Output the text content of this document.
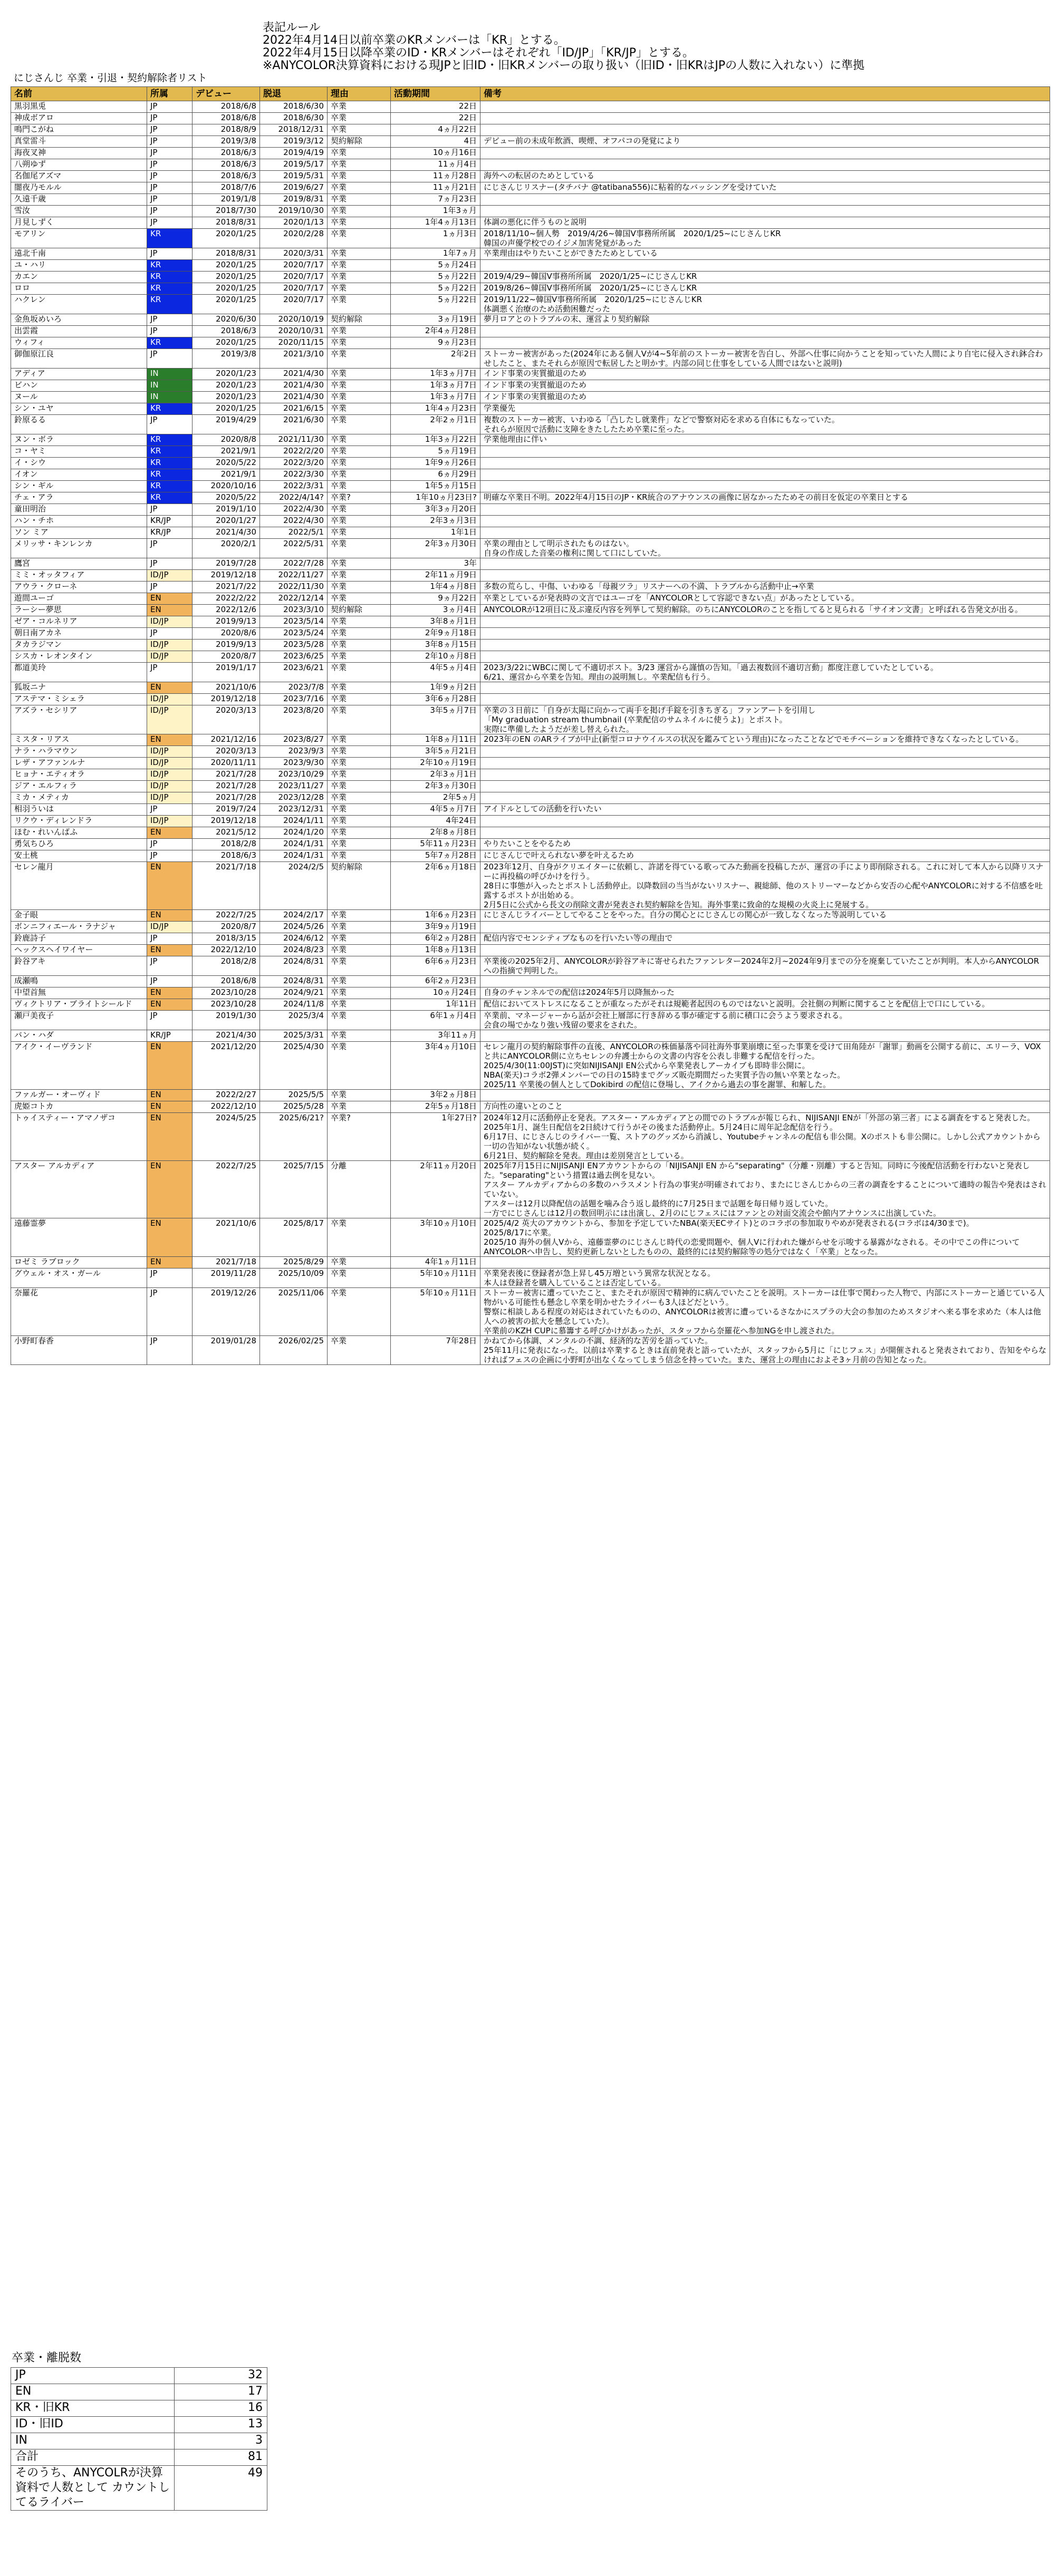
表記ルール
2022年4月14日以前卒業のKRメンバーは「KR」とする。
2022年4月15日以降卒業のID・KRメンバーはそれぞれ「ID/JP」「KR/JP」とする。
※ANYCOLOR決算資料における現JPと旧ID・旧KRメンバーの取り扱い（旧ID・旧KRはJPの人数に入れない）に準拠
にじさんじ 卒業・引退・契約解除者リスト
名前	所属	デビュー	脱退	理由	活動期間	備考
黒羽黒兎	JP	2018/6/8	2018/6/30	卒業	22日	
神成ボアロ	JP	2018/6/8	2018/6/30	卒業	22日	
鳴門こがね	JP	2018/8/9	2018/12/31	卒業	4ヵ月22日	
真堂雷斗	JP	2019/3/8	2019/3/12	契約解除	4日	デビュー前の未成年飲酒、喫煙、オフパコの発覚により
海夜叉神	JP	2018/6/3	2019/4/19	卒業	10ヵ月16日	
八朔ゆず	JP	2018/6/3	2019/5/17	卒業	11ヵ月4日	
名伽尾アズマ	JP	2018/6/3	2019/5/31	卒業	11ヵ月28日	海外への転居のためとしている
闇夜乃モルル	JP	2018/7/6	2019/6/27	卒業	11ヵ月21日	にじさんじリスナー(タチバナ @tatibana556)に粘着的なバッシングを受けていた
久遠千歳	JP	2019/1/8	2019/8/31	卒業	7ヵ月23日	
雪汝	JP	2018/7/30	2019/10/30	卒業	1年3ヵ月	
月見しずく	JP	2018/8/31	2020/1/13	卒業	1年4ヵ月13日	体調の悪化に伴うものと説明
モアリン	KR	2020/1/25	2020/2/28	卒業	1ヵ月3日	2018/11/10~個人勢　2019/4/26~韓国V事務所所属　2020/1/25~にじさんじKR
韓国の声優学校でのイジメ加害発覚があった
遠北千南	JP	2018/8/31	2020/3/31	卒業	1年7ヵ月	卒業理由はやりたいことができたためとしている
ユ・ハリ	KR	2020/1/25	2020/7/17	卒業	5ヵ月24日	
カエン	KR	2020/1/25	2020/7/17	卒業	5ヵ月22日	2019/4/29~韓国V事務所所属　2020/1/25~にじさんじKR
ロロ	KR	2020/1/25	2020/7/17	卒業	5ヵ月22日	2019/8/26~韓国V事務所所属　2020/1/25~にじさんじKR
ハクレン	KR	2020/1/25	2020/7/17	卒業	5ヵ月22日	2019/11/22~韓国V事務所所属　2020/1/25~にじさんじKR
体調悪く治療のため活動困難だった
金魚坂めいろ	JP	2020/6/30	2020/10/19	契約解除	3ヵ月19日	夢月ロアとのトラブルの末、運営より契約解除
出雲霞	JP	2018/6/3	2020/10/31	卒業	2年4ヵ月28日	
ウィフィ	KR	2020/1/25	2020/11/15	卒業	9ヵ月23日	
御伽原江良	JP	2019/3/8	2021/3/10	卒業	2年2日	ストーカー被害があった(2024年にある個人Vが4~5年前のストーカー被害を告白し、外部へ仕事に向かうことを知っていた人間により自宅に侵入され鉢合わせしたこと、またそれらが原因で転居したと明かす。内部の同じ仕事をしている人間ではないと説明)
アディア	IN	2020/1/23	2021/4/30	卒業	1年3ヵ月7日	インド事業の実質撤退のため
ビハン	IN	2020/1/23	2021/4/30	卒業	1年3ヵ月7日	インド事業の実質撤退のため
ヌール	IN	2020/1/23	2021/4/30	卒業	1年3ヵ月7日	インド事業の実質撤退のため
シン・ユヤ	KR	2020/1/25	2021/6/15	卒業	1年4ヵ月23日	学業優先
鈴原るる	JP	2019/4/29	2021/6/30	卒業	2年2ヵ月1日	複数のストーカー被害、いわゆる「凸したし就業件」などで警察対応を求める自体にもなっていた。
それらが原因で活動に支障をきたしたため卒業に至った。
ヌン・ボラ	KR	2020/8/8	2021/11/30	卒業	1年3ヵ月22日	学業他理由に伴い
コ・ヤミ	KR	2021/9/1	2022/2/20	卒業	5ヵ月19日	
イ・シウ	KR	2020/5/22	2022/3/20	卒業	1年9ヵ月26日	
イオン	KR	2021/9/1	2022/3/30	卒業	6ヵ月29日	
シン・ギル	KR	2020/10/16	2022/3/31	卒業	1年5ヵ月15日	
チェ・アラ	KR	2020/5/22	2022/4/14?	卒業?	1年10ヵ月23日?	明確な卒業日不明。2022年4月15日のJP・KR統合のアナウンスの画像に居なかったためその前日を仮定の卒業日とする
童田明治	JP	2019/1/10	2022/4/30	卒業	3年3ヵ月20日	
ハン・チホ	KR/JP	2020/1/27	2022/4/30	卒業	2年3ヵ月3日	
ソン ミア	KR/JP	2021/4/30	2022/5/1	卒業	1年1日	
メリッサ・キンレンカ	JP	2020/2/1	2022/5/31	卒業	2年3ヵ月30日	卒業の理由として明示されたものはない。
自身の作成した音楽の権利に関して口にしていた。
鷹宮	JP	2019/7/28	2022/7/28	卒業	3年	
ミミ・オッタフィア	ID/JP	2019/12/18	2022/11/27	卒業	2年11ヵ月9日	
アウラ・クローネ	JP	2021/7/22	2022/11/30	卒業	1年4ヵ月8日	多数の荒らし、中傷、いわゆる「母親ツラ」リスナーへの不満、トラブルから活動中止→卒業
遊間ユーゴ	EN	2022/2/22	2022/12/14	卒業	9ヵ月22日	卒業としているが発表時の文言ではユーゴを「ANYCOLORとして容認できない点」があったとしている。
ラーシー夢思	EN	2022/12/6	2023/3/10	契約解除	3ヵ月4日	ANYCOLORが12項目に及ぶ違反内容を列挙して契約解除。のちにANYCOLORのことを指してると見られる「サイオン文書」と呼ばれる告発文が出る。
ゼア・コルネリア	ID/JP	2019/9/13	2023/5/14	卒業	3年8ヵ月1日	
朝日南アカネ	JP	2020/8/6	2023/5/24	卒業	2年9ヵ月18日	
タカラジマン	ID/JP	2019/9/13	2023/5/28	卒業	3年8ヵ月15日	
シスカ・レオンタイン	ID/JP	2020/8/7	2023/6/25	卒業	2年10ヵ月8日	
都道美玲	JP	2019/1/17	2023/6/21	卒業	4年5ヵ月4日	2023/3/22にWBCに関して不適切ポスト。3/23 運営から謹慎の告知。「過去複数回不適切言動」都度注意していたとしている。
6/21、運営から卒業を告知。理由の説明無し。卒業配信も行う。
狐坂ニナ	EN	2021/10/6	2023/7/8	卒業	1年9ヵ月2日	
アステマ・ミシェラ	ID/JP	2019/12/18	2023/7/16	卒業	3年6ヵ月28日	
アズラ・セシリア	ID/JP	2020/3/13	2023/8/20	卒業	3年5ヵ月7日	卒業の３日前に「自身が太陽に向かって両手を掲げ手錠を引きちぎる」ファンアートを引用し
「My graduation stream thumbnail (卒業配信のサムネイルに使うよ)」とポスト。
実際に準備したようだが差し替えられた。
ミスタ・リアス	EN	2021/12/16	2023/8/27	卒業	1年8ヵ月11日	2023年のEN のARライブが中止(新型コロナウイルスの状況を鑑みてという理由)になったことなどでモチベーションを維持できなくなったとしている。
ナラ・ハラマウン	ID/JP	2020/3/13	2023/9/3	卒業	3年5ヵ月21日	
レザ・アファンルナ	ID/JP	2020/11/11	2023/9/30	卒業	2年10ヵ月19日	
ヒョナ・エティオラ	ID/JP	2021/7/28	2023/10/29	卒業	2年3ヵ月1日	
ジア・エルフィラ	ID/JP	2021/7/28	2023/11/27	卒業	2年3ヵ月30日	
ミカ・メティカ	ID/JP	2021/7/28	2023/12/28	卒業	2年5ヵ月	
相羽ういは	JP	2019/7/24	2023/12/31	卒業	4年5ヵ月7日	アイドルとしての活動を行いたい
リクウ・ディレンドラ	ID/JP	2019/12/18	2024/1/11	卒業	4年24日	
ほむ・れいんばふ	EN	2021/5/12	2024/1/20	卒業	2年8ヵ月8日	
勇気ちひろ	JP	2018/2/8	2024/1/31	卒業	5年11ヵ月23日	やりたいことをやるため
安土桃	JP	2018/6/3	2024/1/31	卒業	5年7ヵ月28日	にじさんじで叶えられない夢を叶えるため
セレン龍月	EN	2021/7/18	2024/2/5	契約解除	2年6ヵ月18日	2023年12月、自身がクリエイターに依頼し、許諾を得ている歌ってみた動画を投稿したが、運営の手により即削除される。これに対して本人から以降リスナーに再投稿の呼びかけを行う。
28日に事態が入ったとポストし活動停止。以降数回の当当がないリスナー、親総師、他のストリーマーなどから安否の心配やANYCOLORに対する不信感を吐露するポストが出始める。
2月5日に公式から長文の削除文書が発表され契約解除を告知。海外事業に致命的な規模の火炎上に発展する。
金子眼	EN	2022/7/25	2024/2/17	卒業	1年6ヵ月23日	にじさんじライバーとしてやることをやった。自分の関心とにじさんじの関心が一致しなくなった等説明している
ボンニフィエール・ラナジャ	ID/JP	2020/8/7	2024/5/26	卒業	3年9ヵ月19日	
鈴鹿詩子	JP	2018/3/15	2024/6/12	卒業	6年2ヵ月28日	配信内容でセンシティブなものを行いたい等の理由で
ヘックスヘイワイヤー	EN	2022/12/10	2024/8/23	卒業	1年8ヵ月13日	
鈴谷アキ	JP	2018/2/8	2024/8/31	卒業	6年6ヵ月23日	卒業後の2025年2月、ANYCOLORが鈴谷アキに寄せられたファンレター2024年2月~2024年9月までの分を廃棄していたことが判明。本人からANYCOLORへの指摘で判明した。
成瀬鳴	JP	2018/6/8	2024/8/31	卒業	6年2ヵ月23日	
中望首無	EN	2023/10/28	2024/9/21	卒業	10ヵ月24日	自身のチャンネルでの配信は2024年5月以降無かった
ヴィクトリア・ブライトシールド	EN	2023/10/28	2024/11/8	卒業	1年11日	配信においてストレスになることが重なったがそれは規範者起因のものではないと説明。会社側の判断に関することを配信上で口にしている。
瀬戸美夜子	JP	2019/1/30	2025/3/4	卒業	6年1ヵ月4日	卒業前、マネージャーから話が会社上層部に行き辞める事が確定する前に積口に会うよう要求される。
会食の場でかなり強い残留の要求をされた。
バン・ハダ	KR/JP	2021/4/30	2025/3/31	卒業	3年11ヵ月	
アイク・イーヴランド	EN	2021/12/20	2025/4/30	卒業	3年4ヵ月10日	セレン龍月の契約解除事件の直後、ANYCOLORの株価暴落や同社海外事業崩壊に至った事業を受けて田角陸が「謝罪」動画を公開する前に、エリーラ、VOX と共にANYCOLOR側に立ちセレンの弁護士からの文書の内容を公表し非難する配信を行った。
2025/4/30(11:00JST)に突如NIJISANJI EN公式から卒業発表しアーカイブも即時非公開に。
NBA(楽天)コラボ2弾メンバーでの日の15時までグッズ販売期間だった実質予告の無い卒業となった。
2025/11 卒業後の個人としてDokibird の配信に登場し、アイクから過去の事を謝罪、和解した。
ファルガー・オーヴィド	EN	2022/2/27	2025/5/5	卒業	3年2ヵ月8日	
虎姫コトカ	EN	2022/12/10	2025/5/28	卒業	2年5ヵ月18日	方向性の違いとのこと
トゥイスティー・アマノザコ	EN	2024/5/25	2025/6/21?	卒業?	1年27日?	2024年12月に活動停止を発表。アスター・アルカディアとの間でのトラブルが報じられ、NIJISANJI ENが「外部の第三者」による調査をすると発表した。
2025年1月、誕生日配信を2日続けて行うがその後また活動停止。5月24日に周年記念配信を行う。
6月17日、にじさんじのライバー一覧、ストアのグッズから消滅し、Youtubeチャンネルの配信も非公開。Xのポストも非公開に。しかし公式アカウントから一切の告知がない状態が続く。
6月21日、契約解除を発表。理由は差別発言としている。
アスター アルカディア	EN	2022/7/25	2025/7/15	分離	2年11ヵ月20日	2025年7月15日にNIJISANJI ENアカウントからの「NIJISANJI EN から"separating"（分離・別離）すると告知。同時に今後配信活動を行わないと発表した。"separating"という措置は過去例を見ない。
アスター アルカディアからの多数のハラスメント行為の事実が明確されており、またにじさんじからの三者の調査をすることについて適時の報告や発表はされていない。
アスターは12月以降配信の話題を噛み合う返し最終的に7月25日まで話題を毎日帰り返していた。
一方でにじさんじは12月の数回明示には出演し、2月のにじフェスにはファンとの対面交流会や館内アナウンスに出演していた。
遠藤霊夢	EN	2021/10/6	2025/8/17	卒業	3年10ヵ月10日	2025/4/2 英大のアカウントから、参加を予定していたNBA(楽天ECサイト)とのコラボの参加取りやめが発表される(コラボは4/30まで)。
2025/8/17に卒業。
2025/10 海外の個人Vから、遠藤霊夢のにじさんじ時代の恋愛問題や、個人Vに行われた嫌がらせを示唆する暴露がなされる。その中でこの件についてANYCOLORへ申告し、契約更新しないとしたものの、最終的には契約解除等の処分ではなく「卒業」となった。
ロゼミ ラブロック	EN	2021/7/18	2025/8/29	卒業	4年1ヵ月11日	
グウェル・オス・ガール	JP	2019/11/28	2025/10/09	卒業	5年10ヵ月11日	卒業発表後に登録者が急上昇し45万増という異常な状況となる。
本人は登録者を購入していることは否定している。
奈羅花	JP	2019/12/26	2025/11/06	卒業	5年10ヵ月11日	ストーカー被害に遭っていたこと、またそれが原因で精神的に病んでいたことを説明。ストーカーは仕事で関わった人物で、内部にストーカーと通じている人物がいる可能性も懸念し卒業を明かせたライバーも3人ほどだという。
警察に相談しある程度の対応はされていたものの、ANYCOLORは被害に遭っているさなかにスプラの大会の参加のためスタジオへ来る事を求めた（本人は他人への被害の拡大を懸念していた）。
卒業前のKZH CUPに慕籌する呼びかけがあったが、スタッフから奈羅花へ参加NGを申し渡された。
小野町春香	JP	2019/01/28	2026/02/25	卒業	7年28日	かねてから体調、メンタルの不調、経済的な苦労を語っていた。
25年11月に発表になった。以前は卒業するときは直前発表と語っていたが、スタッフから5月に「にじフェス」が開催されると発表されており、告知をやらなければフェスの企画に小野町が出なくなってしまう信念を持っていた。また、運営上の理由におよそ3ヶ月前の告知となった。
卒業・離脱数
JP	32
EN	17
KR・旧KR	16
ID・旧ID	13
IN	3
合計	81
そのうち、ANYCOLRが決算資料で人数として カウントしてるライバー	49
